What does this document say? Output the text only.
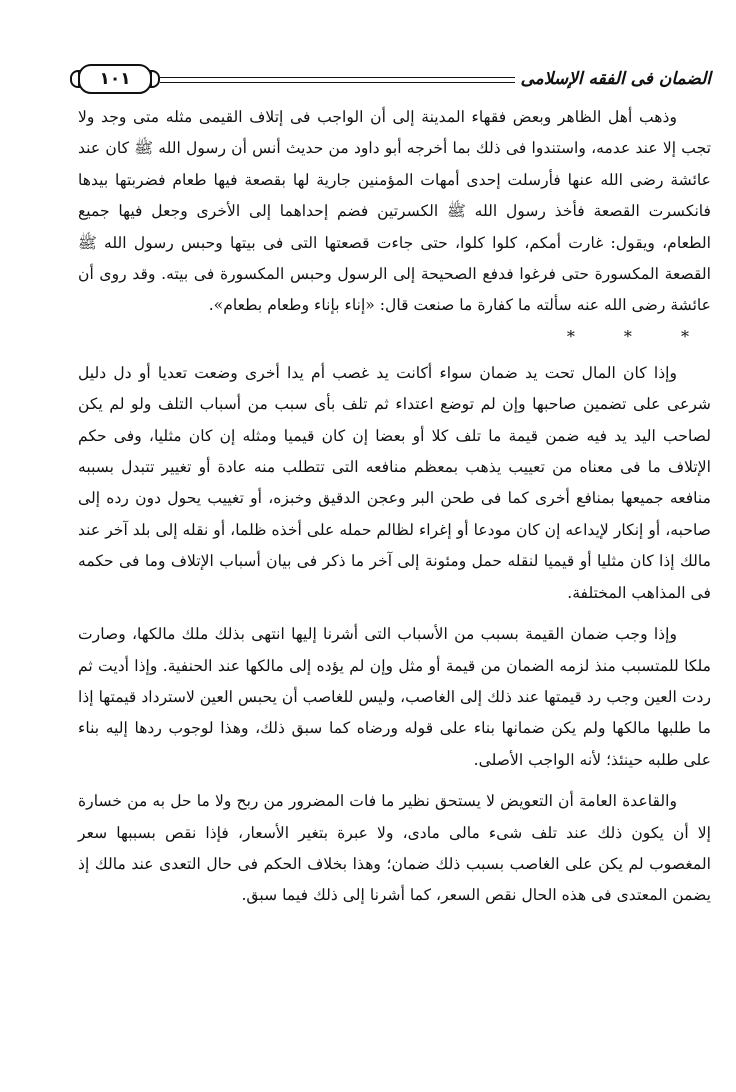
الضمان فى الفقه الإسلامى
١٠١

وذهب أهل الظاهر وبعض فقهاء المدينة إلى أن الواجب فى إتلاف القيمى مثله متى وجد ولا تجب إلا عند عدمه، واستندوا فى ذلك بما أخرجه أبو داود من حديث أنس أن رسول الله ﷺ كان عند عائشة رضى الله عنها فأرسلت إحدى أمهات المؤمنين جارية لها بقصعة فيها طعام فضربتها بيدها فانكسرت القصعة فأخذ رسول الله ﷺ الكسرتين فضم إحداهما إلى الأخرى وجعل فيها جميع الطعام، ويقول: غارت أمكم، كلوا كلوا، حتى جاءت قصعتها التى فى بيتها وحبس رسول الله ﷺ القصعة المكسورة حتى فرغوا فدفع الصحيحة إلى الرسول وحبس المكسورة فى بيته. وقد روى أن عائشة رضى الله عنه سألته ما كفارة ما صنعت قال: «إناء بإناء وطعام بطعام».

* * *

وإذا كان المال تحت يد ضمان سواء أكانت يد غصب أم يدا أخرى وضعت تعديا أو دل دليل شرعى على تضمين صاحبها وإن لم توضع اعتداء ثم تلف بأى سبب من أسباب التلف ولو لم يكن لصاحب اليد يد فيه ضمن قيمة ما تلف كلا أو بعضا إن كان قيميا ومثله إن كان مثليا، وفى حكم الإتلاف ما فى معناه من تعييب يذهب بمعظم منافعه التى تتطلب منه عادة أو تغيير تتبدل بسببه منافعه جميعها بمنافع أخرى كما فى طحن البر وعجن الدقيق وخبزه، أو تغييب يحول دون رده إلى صاحبه، أو إنكار لإيداعه إن كان مودعا أو إغراء لظالم حمله على أخذه ظلما، أو نقله إلى بلد آخر عند مالك إذا كان مثليا أو قيميا لنقله حمل ومئونة إلى آخر ما ذكر فى بيان أسباب الإتلاف وما فى حكمه فى المذاهب المختلفة.

وإذا وجب ضمان القيمة بسبب من الأسباب التى أشرنا إليها انتهى بذلك ملك مالكها، وصارت ملكا للمتسبب منذ لزمه الضمان من قيمة أو مثل وإن لم يؤده إلى مالكها عند الحنفية. وإذا أديت ثم ردت العين وجب رد قيمتها عند ذلك إلى الغاصب، وليس للغاصب أن يحبس العين لاسترداد قيمتها إذا ما طلبها مالكها ولم يكن ضمانها بناء على قوله ورضاه كما سبق ذلك، وهذا لوجوب ردها إليه بناء على طلبه حينئذ؛ لأنه الواجب الأصلى.

والقاعدة العامة أن التعويض لا يستحق نظير ما فات المضرور من ربح ولا ما حل به من خسارة إلا أن يكون ذلك عند تلف شىء مالى مادى، ولا عبرة بتغير الأسعار، فإذا نقص بسببها سعر المغصوب لم يكن على الغاصب بسبب ذلك ضمان؛ وهذا بخلاف الحكم فى حال التعدى عند مالك إذ يضمن المعتدى فى هذه الحال نقص السعر، كما أشرنا إلى ذلك فيما سبق.
